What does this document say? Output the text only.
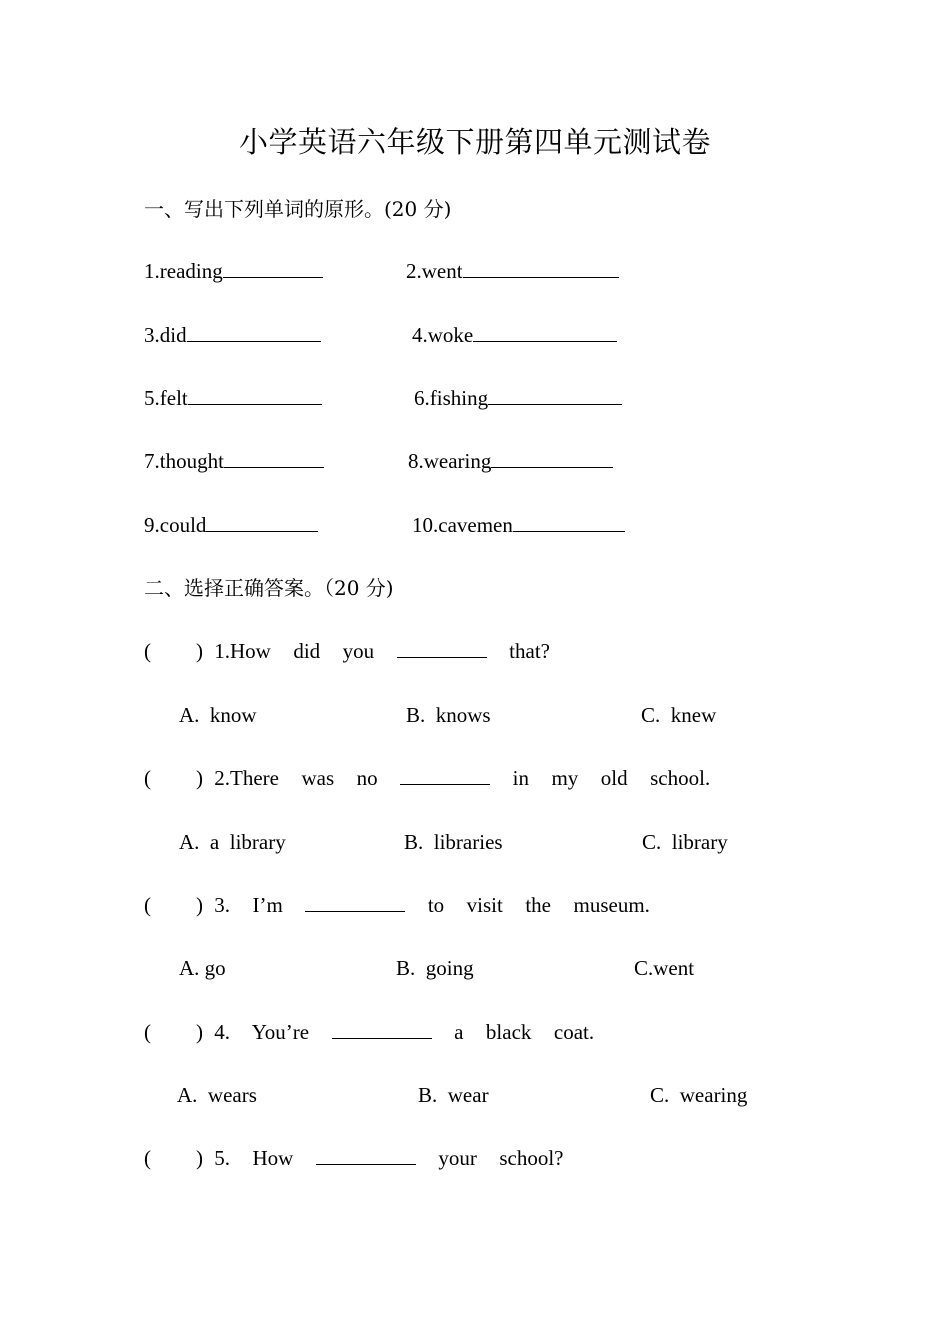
小学英语六年级下册第四单元测试卷
一、写出下列单词的原形。(20 分)
1.reading	2.went
3.did	4.woke
5.felt	6.fishing
7.thought	8.wearing
9.could	10.cavemen
二、选择正确答案。（20 分)
(    ) 1.How  did  you	that?
A.  know	B.  knows	C.  knew
(    ) 2.There  was  no	in  my  old  school.
A.  a  library	B.  libraries	C.  library
(    ) 3.  I’m	to  visit  the  museum.
A. go	B.  going	C.went
(    ) 4.  You’re	a  black  coat.
A.  wears	B.  wear	C.  wearing
(    ) 5.  How	your  school?
